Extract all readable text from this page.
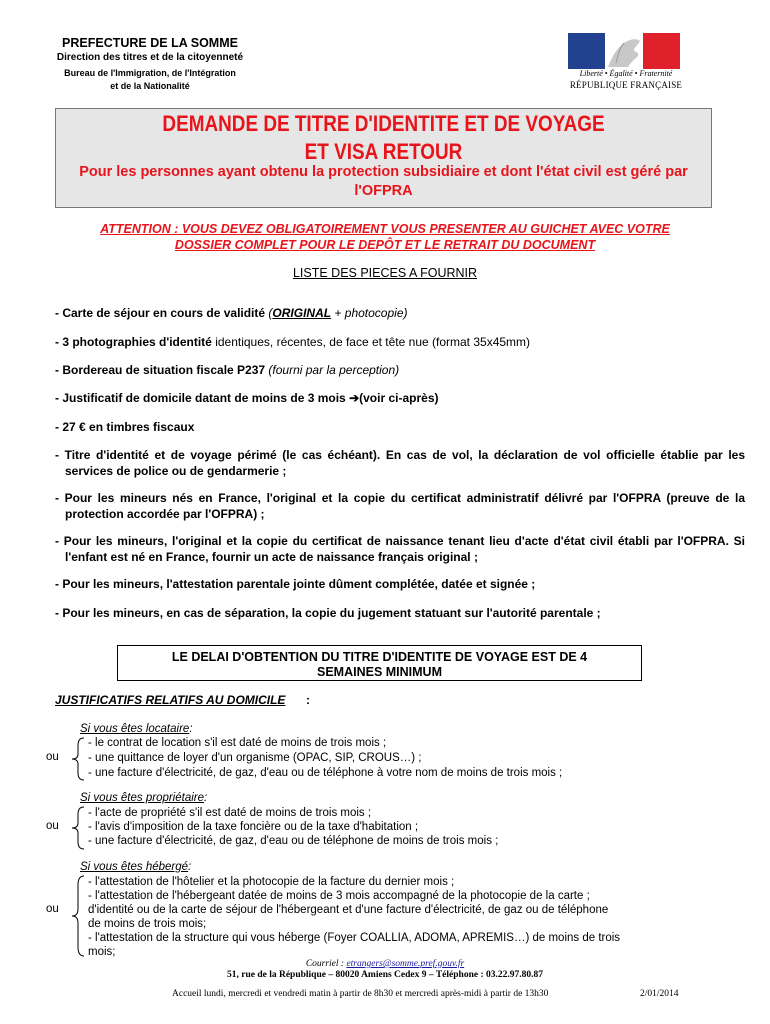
PREFECTURE DE LA SOMME
Direction des titres et de la citoyenneté
Bureau de l'Immigration, de l'Intégration
et de la Nationalité
Liberté • Égalité • Fraternité
RÉPUBLIQUE FRANÇAISE
DEMANDE DE TITRE D'IDENTITE ET DE VOYAGE
ET VISA RETOUR
Pour les personnes ayant obtenu la protection subsidiaire et dont l'état civil est géré par l'OFPRA
ATTENTION : VOUS DEVEZ OBLIGATOIREMENT VOUS PRESENTER AU GUICHET AVEC VOTRE
DOSSIER COMPLET POUR LE DEPÔT ET LE RETRAIT DU DOCUMENT
LISTE DES PIECES A FOURNIR
- Carte de séjour en cours de validité (ORIGINAL + photocopie)
- 3 photographies d'identité identiques, récentes, de face et tête nue (format 35x45mm)
- Bordereau de situation fiscale P237 (fourni par la perception)
- Justificatif de domicile datant de moins de 3 mois ➔(voir ci-après)
- 27 € en timbres fiscaux
- Titre d'identité et de voyage périmé (le cas échéant). En cas de vol, la déclaration de vol officielle établie par les services de police ou de gendarmerie ;
- Pour les mineurs nés en France, l'original et la copie du certificat administratif délivré par l'OFPRA (preuve de la protection accordée par l'OFPRA) ;
- Pour les mineurs, l'original et la copie du certificat de naissance tenant lieu d'acte d'état civil établi par l'OFPRA. Si l'enfant est né en France, fournir un acte de naissance français original ;
- Pour les mineurs, l'attestation parentale jointe dûment complétée, datée et signée ;
- Pour les mineurs, en cas de séparation, la copie du jugement statuant sur l'autorité parentale ;
LE DELAI D'OBTENTION DU TITRE D'IDENTITE DE VOYAGE EST DE 4
SEMAINES MINIMUM
JUSTIFICATIFS RELATIFS AU DOMICILE :
Si vous êtes locataire:
- le contrat de location s'il est daté de moins de trois mois ;
- une quittance de loyer d'un organisme (OPAC, SIP, CROUS…) ;
- une facture d'électricité, de gaz, d'eau ou de téléphone à votre nom de moins de trois mois ;
ou
Si vous êtes propriétaire:
- l'acte de propriété s'il est daté de moins de trois mois ;
- l'avis d'imposition de la taxe foncière ou de la taxe d'habitation ;
- une facture d'électricité, de gaz, d'eau ou de téléphone de moins de trois mois ;
ou
Si vous êtes hébergé:
- l'attestation de l'hôtelier et la photocopie de la facture du dernier mois ;
- l'attestation de l'hébergeant datée de moins de 3 mois accompagné de la photocopie de la carte ;
d'identité ou de la carte de séjour de l'hébergeant et d'une facture d'électricité, de gaz ou de téléphone
de moins de trois mois;
- l'attestation de la structure qui vous héberge (Foyer COALLIA, ADOMA, APREMIS…) de moins de trois
mois;
ou
Courriel : etrangers@somme.pref.gouv.fr
51, rue de la République – 80020 Amiens Cedex 9 – Téléphone : 03.22.97.80.87
Accueil lundi, mercredi et vendredi matin à partir de 8h30 et mercredi après-midi à partir de 13h30	2/01/2014
